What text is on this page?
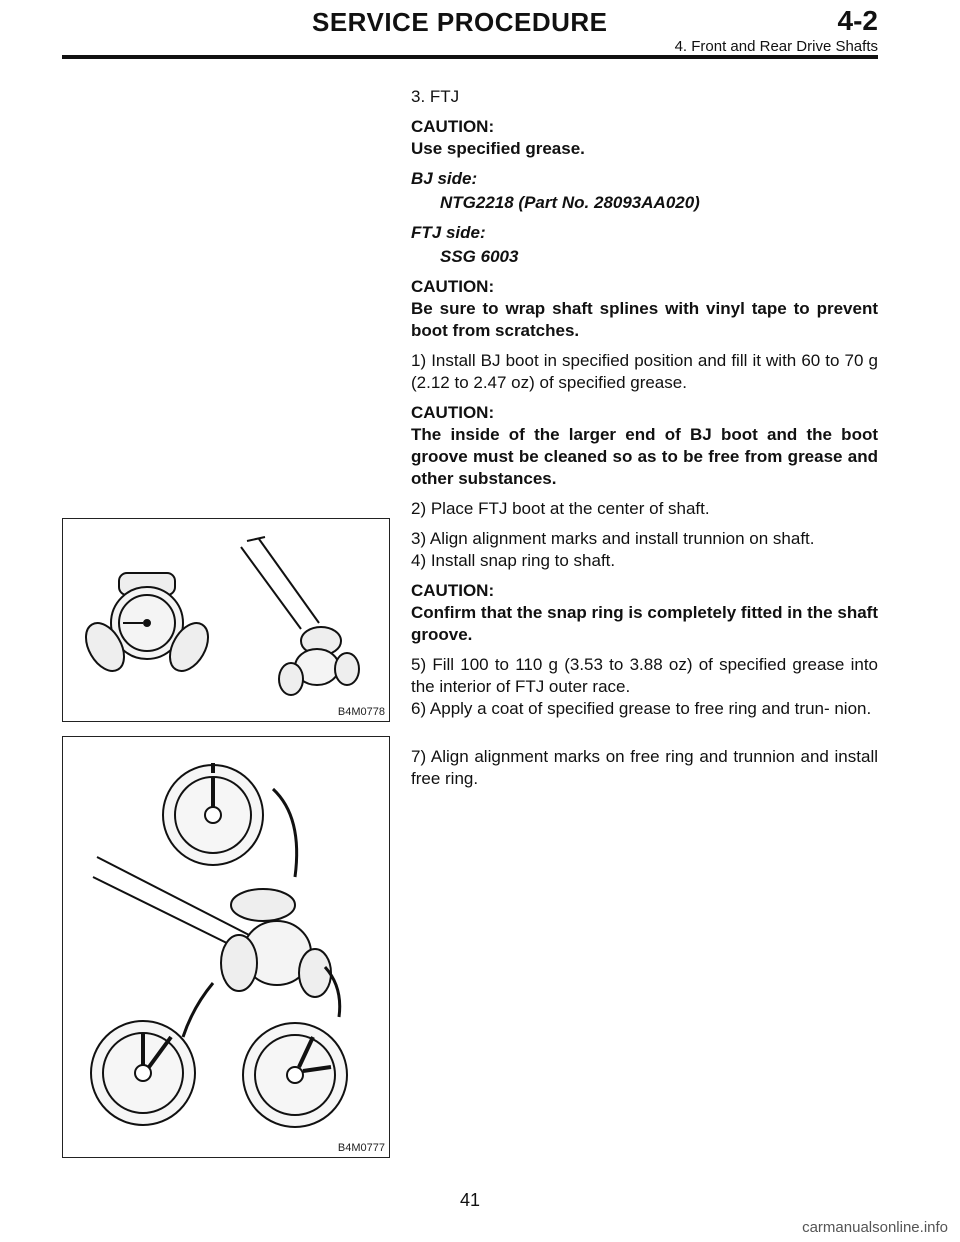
SERVICE PROCEDURE	4-2
4. Front and Rear Drive Shafts

3. FTJ

CAUTION:
Use specified grease.

BJ side:

NTG2218 (Part No. 28093AA020)

FTJ side:

SSG 6003

CAUTION:

Be sure to wrap shaft splines with vinyl tape to prevent boot from scratches.

1) Install BJ boot in specified position and fill it with 60 to 70 g (2.12 to 2.47 oz) of specified grease.

CAUTION:

The inside of the larger end of BJ boot and the boot groove must be cleaned so as to be free from grease and other substances.

2) Place FTJ boot at the center of shaft.

B4M0778

3) Align alignment marks and install trunnion on shaft.

4) Install snap ring to shaft.

CAUTION:

Confirm that the snap ring is completely fitted in the shaft groove.

5) Fill 100 to 110 g (3.53 to 3.88 oz) of specified grease into the interior of FTJ outer race.

6) Apply a coat of specified grease to free ring and trun- nion.

B4M0777

7) Align alignment marks on free ring and trunnion and install free ring.

41
carmanualsonline.info
